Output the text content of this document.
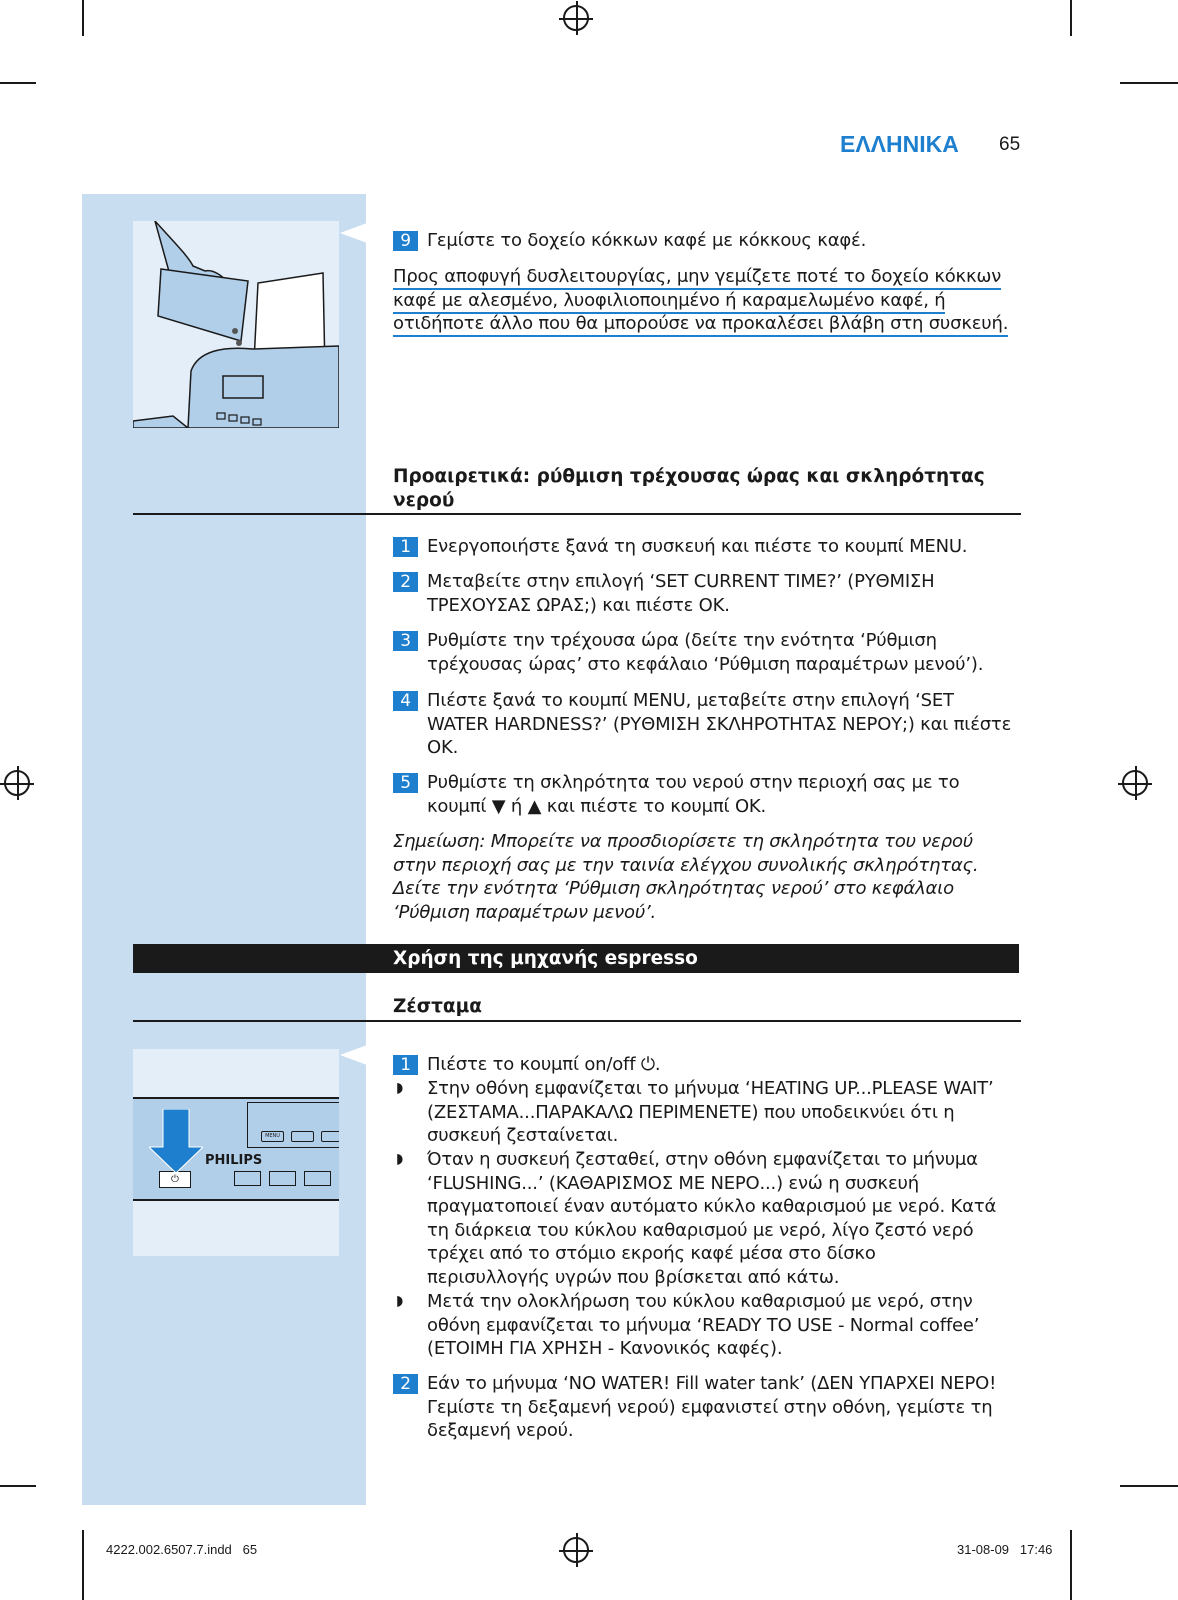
ΕΛΛΗΝΙΚΑ 65
9 Γεμίστε το δοχείο κόκκων καφέ με κόκκους καφέ.
Προς αποφυγή δυσλειτουργίας, μην γεμίζετε ποτέ το δοχείο κόκκων
καφέ με αλεσμένο, λυοφιλιοποιημένο ή καραμελωμένο καφέ, ή
οτιδήποτε άλλο που θα μπορούσε να προκαλέσει βλάβη στη συσκευή.
Προαιρετικά: ρύθμιση τρέχουσας ώρας και σκληρότητας νερού
1 Ενεργοποιήστε ξανά τη συσκευή και πιέστε το κουμπί MENU.
2 Μεταβείτε στην επιλογή ‘SET CURRENT TIME?’ (ΡΥΘΜΙΣΗ ΤΡΕΧΟΥΣΑΣ ΩΡΑΣ;) και πιέστε OK.
3 Ρυθμίστε την τρέχουσα ώρα (δείτε την ενότητα ‘Ρύθμιση τρέχουσας ώρας’ στο κεφάλαιο ‘Ρύθμιση παραμέτρων μενού’).
4 Πιέστε ξανά το κουμπί MENU, μεταβείτε στην επιλογή ‘SET WATER HARDNESS?’ (ΡΥΘΜΙΣΗ ΣΚΛΗΡΟΤΗΤΑΣ ΝΕΡΟΥ;) και πιέστε OK.
5 Ρυθμίστε τη σκληρότητα του νερού στην περιοχή σας με το κουμπί ▼ ή ▲ και πιέστε το κουμπί OK.
Σημείωση: Μπορείτε να προσδιορίσετε τη σκληρότητα του νερού στην περιοχή σας με την ταινία ελέγχου συνολικής σκληρότητας. Δείτε την ενότητα ‘Ρύθμιση σκληρότητας νερού’ στο κεφάλαιο ‘Ρύθμιση παραμέτρων μενού’.
Χρήση της μηχανής espresso
Ζέσταμα
PHILIPS
MENU
⏻
1 Πιέστε το κουμπί on/off ⏻.
◗ Στην οθόνη εμφανίζεται το μήνυμα ‘HEATING UP...PLEASE WAIT’ (ΖΕΣΤΑΜΑ...ΠΑΡΑΚΑΛΩ ΠΕΡΙΜΕΝΕΤΕ) που υποδεικνύει ότι η συσκευή ζεσταίνεται.
◗ Όταν η συσκευή ζεσταθεί, στην οθόνη εμφανίζεται το μήνυμα ‘FLUSHING...’ (ΚΑΘΑΡΙΣΜΟΣ ΜΕ ΝΕΡΟ...) ενώ η συσκευή πραγματοποιεί έναν αυτόματο κύκλο καθαρισμού με νερό. Κατά τη διάρκεια του κύκλου καθαρισμού με νερό, λίγο ζεστό νερό τρέχει από το στόμιο εκροής καφέ μέσα στο δίσκο περισυλλογής υγρών που βρίσκεται από κάτω.
◗ Μετά την ολοκλήρωση του κύκλου καθαρισμού με νερό, στην οθόνη εμφανίζεται το μήνυμα ‘READY TO USE - Normal coffee’ (ΕΤΟΙΜΗ ΓΙΑ ΧΡΗΣΗ - Κανονικός καφές).
2 Εάν το μήνυμα ‘NO WATER! Fill water tank’ (ΔΕΝ ΥΠΑΡΧΕΙ ΝΕΡΟ! Γεμίστε τη δεξαμενή νερού) εμφανιστεί στην οθόνη, γεμίστε τη δεξαμενή νερού.
4222.002.6507.7.indd   65	31-08-09   17:46
